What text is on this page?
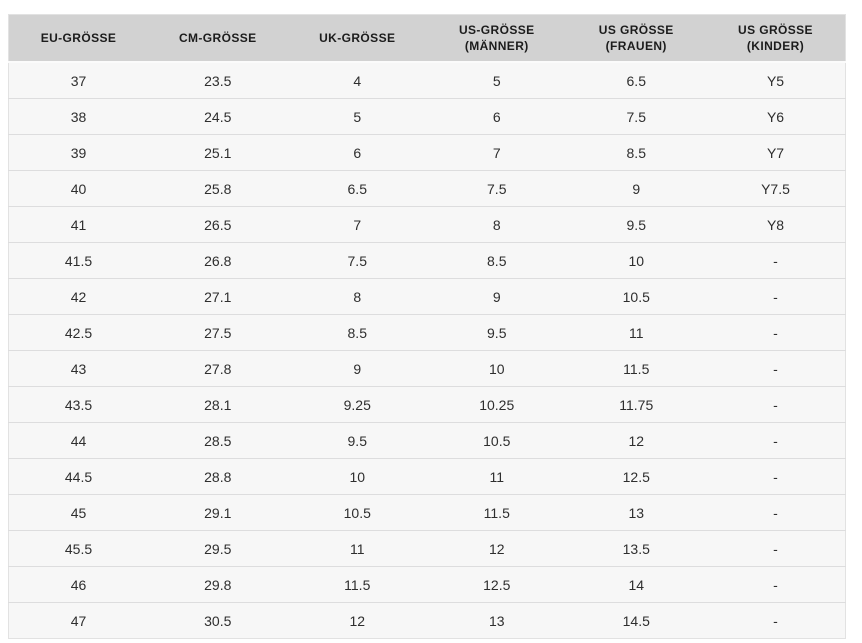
EU-GRÖSSE	CM-GRÖSSE	UK-GRÖSSE	US-GRÖSSE (MÄNNER)	US GRÖSSE (FRAUEN)	US GRÖSSE (KINDER)
37	23.5	4	5	6.5	Y5
38	24.5	5	6	7.5	Y6
39	25.1	6	7	8.5	Y7
40	25.8	6.5	7.5	9	Y7.5
41	26.5	7	8	9.5	Y8
41.5	26.8	7.5	8.5	10	-
42	27.1	8	9	10.5	-
42.5	27.5	8.5	9.5	11	-
43	27.8	9	10	11.5	-
43.5	28.1	9.25	10.25	11.75	-
44	28.5	9.5	10.5	12	-
44.5	28.8	10	11	12.5	-
45	29.1	10.5	11.5	13	-
45.5	29.5	11	12	13.5	-
46	29.8	11.5	12.5	14	-
47	30.5	12	13	14.5	-
